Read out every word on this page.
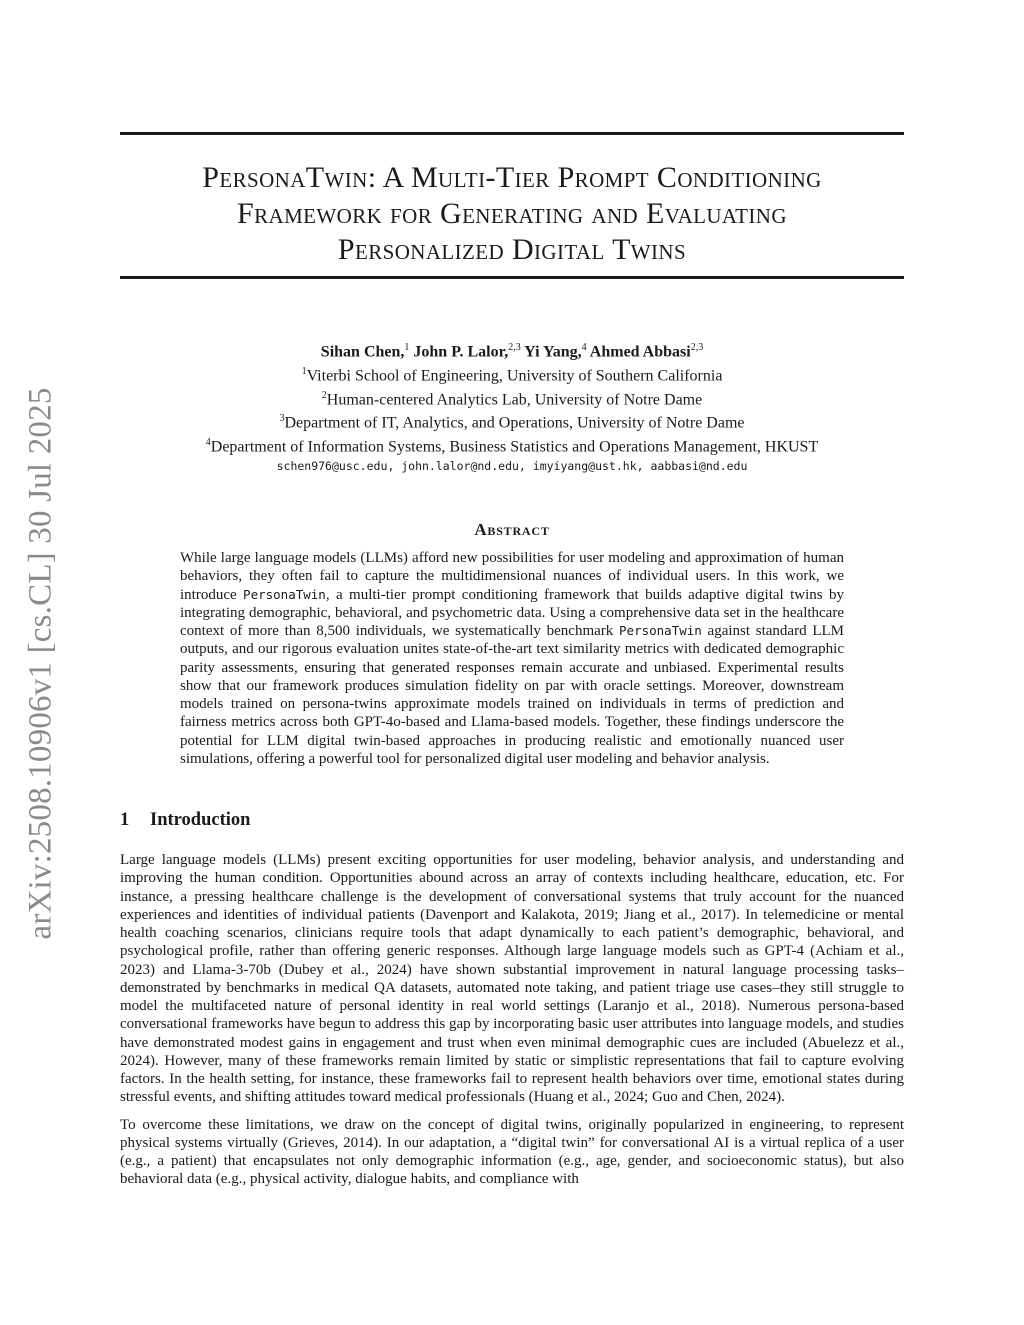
arXiv:2508.10906v1 [cs.CL] 30 Jul 2025
PersonaTwin: A Multi-Tier Prompt Conditioning
Framework for Generating and Evaluating
Personalized Digital Twins
Sihan Chen,$^1$ John P. Lalor,$^{2,3}$ Yi Yang,$^4$ Ahmed Abbasi$^{2,3}$
$^1$Viterbi School of Engineering, University of Southern California
$^2$Human-centered Analytics Lab, University of Notre Dame
$^3$Department of IT, Analytics, and Operations, University of Notre Dame
$^4$Department of Information Systems, Business Statistics and Operations Management, HKUST
schen976@usc.edu, john.lalor@nd.edu, imyiyang@ust.hk, aabbasi@nd.edu
Abstract

While large language models (LLMs) afford new possibilities for user modeling and approximation of human behaviors, they often fail to capture the multidimensional nuances of individual users. In this work, we introduce PersonaTwin, a multi-tier prompt conditioning framework that builds adaptive digital twins by integrating demographic, behavioral, and psychometric data. Using a comprehensive data set in the healthcare context of more than 8,500 individuals, we systematically benchmark PersonaTwin against standard LLM outputs, and our rigorous evaluation unites state-of-the-art text similarity metrics with dedicated demographic parity assessments, ensuring that generated responses remain accurate and unbiased. Experimental results show that our framework produces simulation fidelity on par with oracle settings. Moreover, downstream models trained on persona-twins approximate models trained on individuals in terms of prediction and fairness metrics across both GPT-4o-based and Llama-based models. Together, these findings underscore the potential for LLM digital twin-based approaches in producing realistic and emotionally nuanced user simulations, offering a powerful tool for personalized digital user modeling and behavior analysis.

1 Introduction

Large language models (LLMs) present exciting opportunities for user modeling, behavior analysis, and understanding and improving the human condition. Opportunities abound across an array of contexts including healthcare, education, etc. For instance, a pressing healthcare challenge is the development of conversational systems that truly account for the nuanced experiences and identities of individual patients (Davenport and Kalakota, 2019; Jiang et al., 2017). In telemedicine or mental health coaching scenarios, clinicians require tools that adapt dynamically to each patient’s demographic, behavioral, and psychological profile, rather than offering generic responses. Although large language models such as GPT-4 (Achiam et al., 2023) and Llama-3-70b (Dubey et al., 2024) have shown substantial improvement in natural language processing tasks–demonstrated by benchmarks in medical QA datasets, automated note taking, and patient triage use cases–they still struggle to model the multifaceted nature of personal identity in real world settings (Laranjo et al., 2018). Numerous persona-based conversational frameworks have begun to address this gap by incorporating basic user attributes into language models, and studies have demonstrated modest gains in engagement and trust when even minimal demographic cues are included (Abuelezz et al., 2024). However, many of these frameworks remain limited by static or simplistic representations that fail to capture evolving factors. In the health setting, for instance, these frameworks fail to represent health behaviors over time, emotional states during stressful events, and shifting attitudes toward medical professionals (Huang et al., 2024; Guo and Chen, 2024).

To overcome these limitations, we draw on the concept of digital twins, originally popularized in engineering, to represent physical systems virtually (Grieves, 2014). In our adaptation, a “digital twin” for conversational AI is a virtual replica of a user (e.g., a patient) that encapsulates not only demographic information (e.g., age, gender, and socioeconomic status), but also behavioral data (e.g., physical activity, dialogue habits, and compliance with
